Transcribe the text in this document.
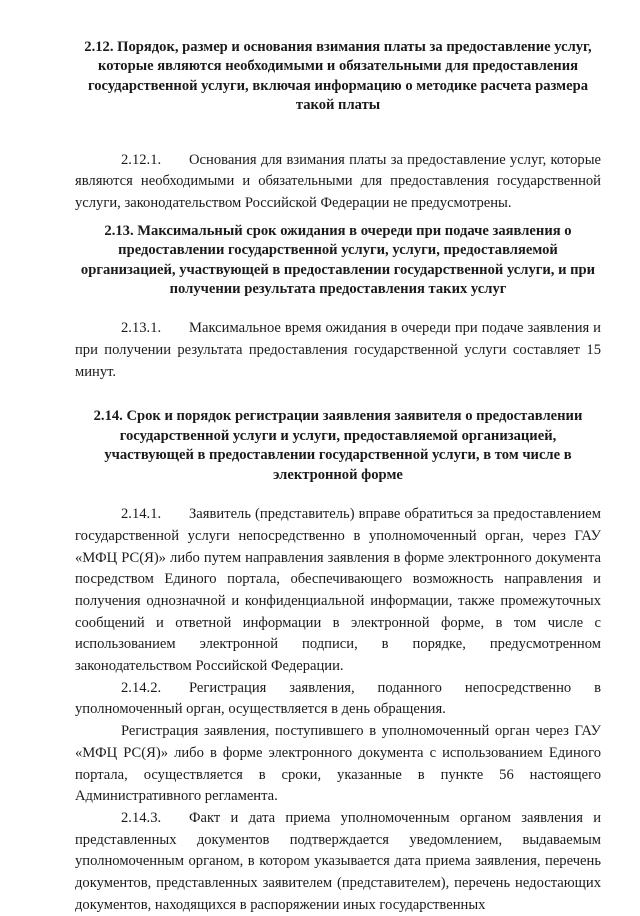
2.12. Порядок, размер и основания взимания платы за предоставление услуг, которые являются необходимыми и обязательными для предоставления государственной услуги, включая информацию о методике расчета размера такой платы

2.12.1. Основания для взимания платы за предоставление услуг, которые являются необходимыми и обязательными для предоставления государственной услуги, законодательством Российской Федерации не предусмотрены.

2.13. Максимальный срок ожидания в очереди при подаче заявления о предоставлении государственной услуги, услуги, предоставляемой организацией, участвующей в предоставлении государственной услуги, и при получении результата предоставления таких услуг

2.13.1. Максимальное время ожидания в очереди при подаче заявления и при получении результата предоставления государственной услуги составляет 15 минут.

2.14. Срок и порядок регистрации заявления заявителя о предоставлении государственной услуги и услуги, предоставляемой организацией, участвующей в предоставлении государственной услуги, в том числе в электронной форме

2.14.1. Заявитель (представитель) вправе обратиться за предоставлением государственной услуги непосредственно в уполномоченный орган, через ГАУ «МФЦ РС(Я)» либо путем направления заявления в форме электронного документа посредством Единого портала, обеспечивающего возможность направления и получения однозначной и конфиденциальной информации, также промежуточных сообщений и ответной информации в электронной форме, в том числе с использованием электронной подписи, в порядке, предусмотренном законодательством Российской Федерации.

2.14.2. Регистрация заявления, поданного непосредственно в уполномоченный орган, осуществляется в день обращения.

Регистрация заявления, поступившего в уполномоченный орган через ГАУ «МФЦ РС(Я)» либо в форме электронного документа с использованием Единого портала, осуществляется в сроки, указанные в пункте 56 настоящего Административного регламента.

2.14.3. Факт и дата приема уполномоченным органом заявления и представленных документов подтверждается уведомлением, выдаваемым уполномоченным органом, в котором указывается дата приема заявления, перечень документов, представленных заявителем (представителем), перечень недостающих документов, находящихся в распоряжении иных государственных
